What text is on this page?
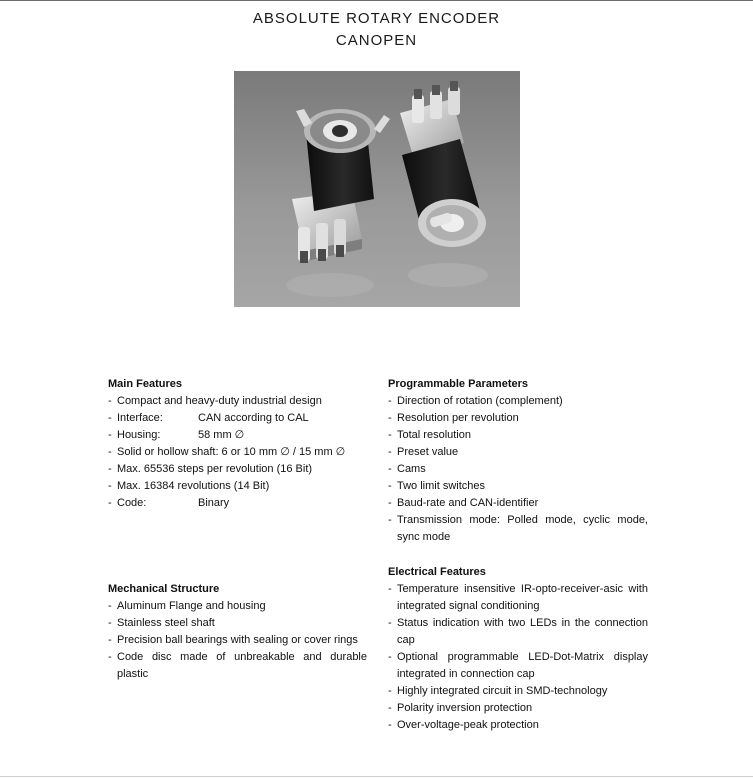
ABSOLUTE ROTARY ENCODER
CANOPEN
Main Features
- Compact and heavy-duty industrial design
- Interface:	CAN according to CAL
- Housing:	58 mm ∅
- Solid or hollow shaft: 6 or 10 mm ∅ / 15 mm ∅
- Max. 65536 steps per revolution (16 Bit)
- Max. 16384 revolutions (14 Bit)
- Code:	Binary
Mechanical Structure
- Aluminum Flange and housing
- Stainless steel shaft
- Precision ball bearings with sealing or cover rings
- Code disc made of unbreakable and durable plastic
Programmable Parameters
- Direction of rotation (complement)
- Resolution per revolution
- Total resolution
- Preset value
- Cams
- Two limit switches
- Baud-rate and CAN-identifier
- Transmission mode: Polled mode, cyclic mode, sync mode
Electrical Features
- Temperature insensitive IR-opto-receiver-asic with integrated signal conditioning
- Status indication with two LEDs in the connection cap
- Optional programmable LED-Dot-Matrix display integrated in connection cap
- Highly integrated circuit in SMD-technology
- Polarity inversion protection
- Over-voltage-peak protection
